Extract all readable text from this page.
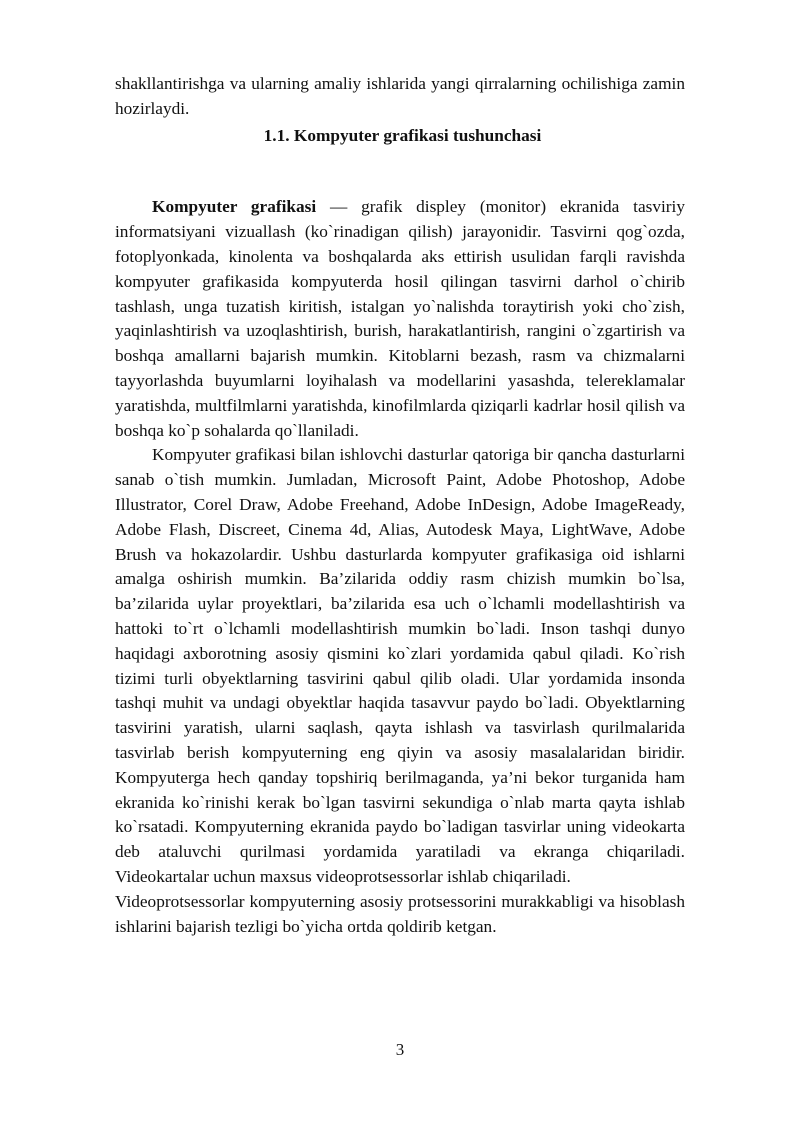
shakllantirishga va ularning amaliy ishlarida yangi qirralarning ochilishiga zamin hozirlaydi.

1.1. Kompyuter grafikasi tushunchasi

Kompyuter grafikasi — grafik displey (monitor) ekranida tasviriy informatsiyani vizuallash (ko`rinadigan qilish) jarayonidir. Tasvirni qog`ozda, fotoplyonkada, kinolenta va boshqalarda aks ettirish usulidan farqli ravishda kompyuter grafikasida kompyuterda hosil qilingan tasvirni darhol o`chirib tashlash, unga tuzatish kiritish, istalgan yo`nalishda toraytirish yoki cho`zish, yaqinlashtirish va uzoqlashtirish, burish, harakatlantirish, rangini o`zgartirish va boshqa amallarni bajarish mumkin. Kitoblarni bezash, rasm va chizmalarni tayyorlashda buyumlarni loyihalash va modellarini yasashda, telereklamalar yaratishda, multfilmlarni yaratishda, kinofilmlarda qiziqarli kadrlar hosil qilish va boshqa ko`p sohalarda qo`llaniladi.

Kompyuter grafikasi bilan ishlovchi dasturlar qatoriga bir qancha dasturlarni sanab o`tish mumkin. Jumladan, Microsoft Paint, Adobe Photoshop, Adobe Illustrator, Corel Draw, Adobe Freehand, Adobe InDesign, Adobe ImageReady, Adobe Flash, Discreet, Cinema 4d, Alias, Autodesk Maya, LightWave, Adobe Brush va hokazolardir. Ushbu dasturlarda kompyuter grafikasiga oid ishlarni amalga oshirish mumkin. Ba’zilarida oddiy rasm chizish mumkin bo`lsa, ba’zilarida uylar proyektlari, ba’zilarida esa uch o`lchamli modellashtirish va hattoki to`rt o`lchamli modellashtirish mumkin bo`ladi. Inson tashqi dunyo haqidagi axborotning asosiy qismini ko`zlari yordamida qabul qiladi. Ko`rish tizimi turli obyektlarning tasvirini qabul qilib oladi. Ular yordamida insonda tashqi muhit va undagi obyektlar haqida tasavvur paydo bo`ladi. Obyektlarning tasvirini yaratish, ularni saqlash, qayta ishlash va tasvirlash qurilmalarida tasvirlab berish kompyuterning eng qiyin va asosiy masalalaridan biridir. Kompyuterga hech qanday topshiriq berilmaganda, ya’ni bekor turganida ham ekranida ko`rinishi kerak bo`lgan tasvirni sekundiga o`nlab marta qayta ishlab ko`rsatadi. Kompyuterning ekranida paydo bo`ladigan tasvirlar uning videokarta deb ataluvchi qurilmasi yordamida yaratiladi va ekranga chiqariladi. Videokartalar uchun maxsus videoprotsessorlar ishlab chiqariladi.

Videoprotsessorlar kompyuterning asosiy protsessorini murakkabligi va hisoblash ishlarini bajarish tezligi bo`yicha ortda qoldirib ketgan.

3
